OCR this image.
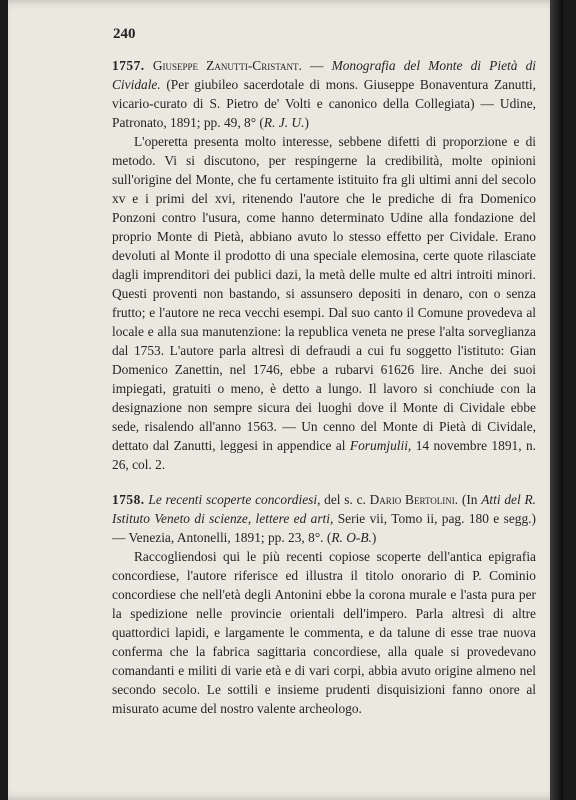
240

1757. Giuseppe Zanutti-Cristant. — Monografia del Monte di Pietà di Cividale. (Per giubileo sacerdotale di mons. Giuseppe Bonaventura Zanutti, vicario-curato di S. Pietro de' Volti e canonico della Collegiata) — Udine, Patronato, 1891; pp. 49, 8° (R. J. U.)

L'operetta presenta molto interesse, sebbene difetti di proporzione e di metodo. Vi si discutono, per respingerne la credibilità, molte opinioni sull'origine del Monte, che fu certamente istituito fra gli ultimi anni del secolo xv e i primi del xvi, ritenendo l'autore che le prediche di fra Domenico Ponzoni contro l'usura, come hanno determinato Udine alla fondazione del proprio Monte di Pietà, abbiano avuto lo stesso effetto per Cividale. Erano devoluti al Monte il prodotto di una speciale elemosina, certe quote rilasciate dagli imprenditori dei publici dazi, la metà delle multe ed altri introiti minori. Questi proventi non bastando, si assunsero depositi in denaro, con o senza frutto; e l'autore ne reca vecchi esempi. Dal suo canto il Comune provedeva al locale e alla sua manutenzione: la republica veneta ne prese l'alta sorveglianza dal 1753. L'autore parla altresì di defraudi a cui fu soggetto l'istituto: Gian Domenico Zanettin, nel 1746, ebbe a rubarvi 61626 lire. Anche dei suoi impiegati, gratuiti o meno, è detto a lungo. Il lavoro si conchiude con la designazione non sempre sicura dei luoghi dove il Monte di Cividale ebbe sede, risalendo all'anno 1563. — Un cenno del Monte di Pietà di Cividale, dettato dal Zanutti, leggesi in appendice al Forumjulii, 14 novembre 1891, n. 26, col. 2.

1758. Le recenti scoperte concordiesi, del s. c. Dario Bertolini. (In Atti del R. Istituto Veneto di scienze, lettere ed arti, Serie vii, Tomo ii, pag. 180 e segg.) — Venezia, Antonelli, 1891; pp. 23, 8°. (R. O-B.)

Raccogliendosi qui le più recenti copiose scoperte dell'antica epigrafia concordiese, l'autore riferisce ed illustra il titolo onorario di P. Cominio concordiese che nell'età degli Antonini ebbe la corona murale e l'asta pura per la spedizione nelle provincie orientali dell'impero. Parla altresì di altre quattordici lapidi, e largamente le commenta, e da talune di esse trae nuova conferma che la fabrica sagittaria concordiese, alla quale si provedevano comandanti e militi di varie età e di vari corpi, abbia avuto origine almeno nel secondo secolo. Le sottili e insieme prudenti disquisizioni fanno onore al misurato acume del nostro valente archeologo.
